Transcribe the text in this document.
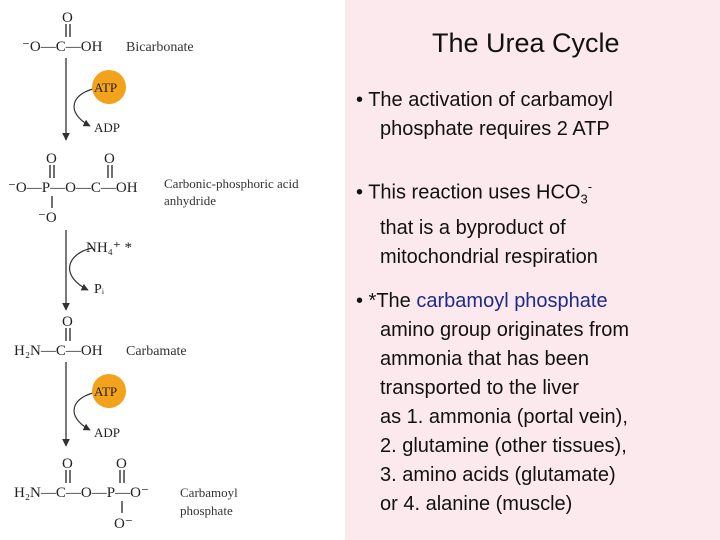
O
⁻O—C—OH Bicarbonate
ATP
ADP
O	O
⁻O—P—O—C—OH
⁻O
Carbonic-phosphoric acid
anhydride
NH₄⁺ *
Pᵢ
O
H₂N—C—OH Carbamate
ATP
ADP
O	O
H₂N—C—O—P—O⁻
O⁻
Carbamoyl
phosphate
The Urea Cycle
• The activation of carbamoyl
phosphate requires 2 ATP
• This reaction uses $HCO_3^-$
that is a byproduct of
mitochondrial respiration
• *The carbamoyl phosphate
amino group originates from
ammonia that has been
transported to the liver
as 1. ammonia (portal vein),
2. glutamine (other tissues),
3. amino acids (glutamate)
or 4. alanine (muscle)
